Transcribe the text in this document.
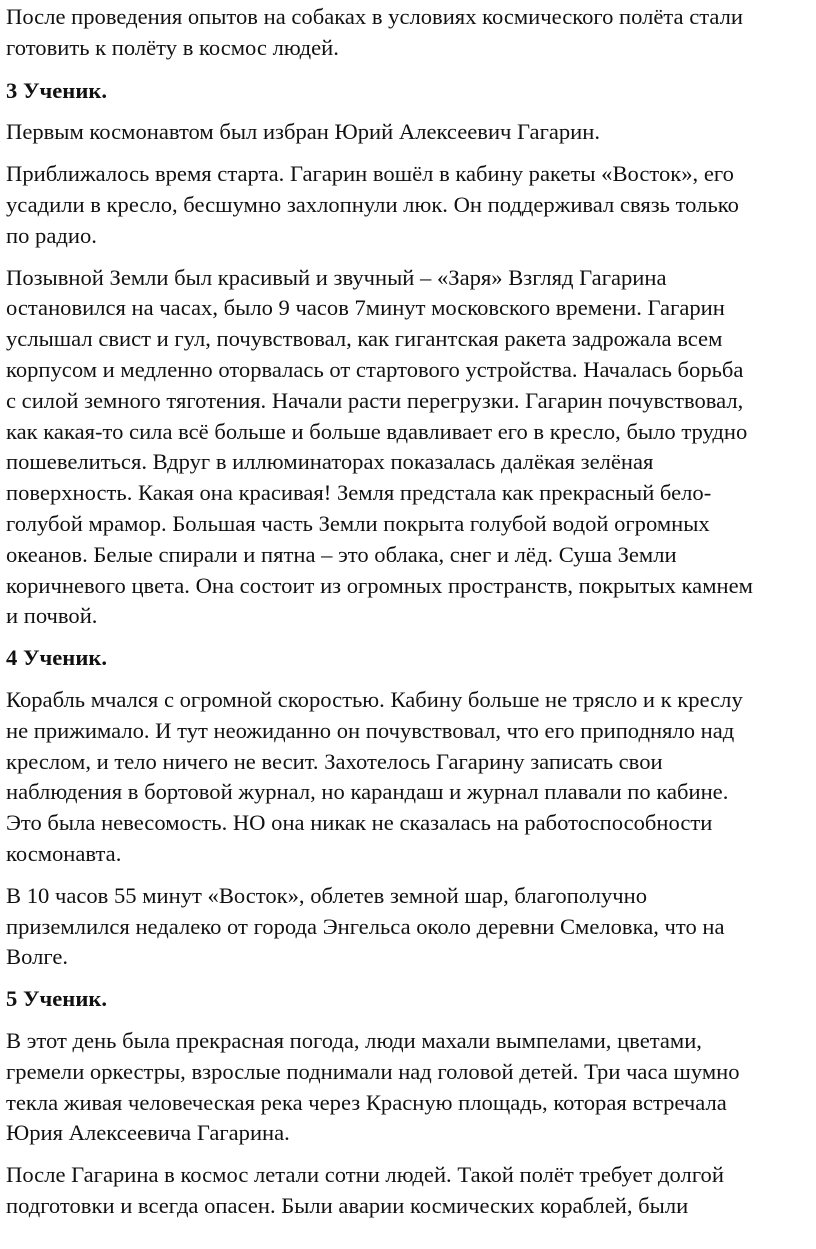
После проведения опытов на собаках в условиях космического полёта стали
готовить к полёту в космос людей.

3 Ученик.

Первым космонавтом был избран Юрий Алексеевич Гагарин.

Приближалось время старта. Гагарин вошёл в кабину ракеты «Восток», его
усадили в кресло, бесшумно захлопнули люк. Он поддерживал связь только
по радио.

Позывной Земли был красивый и звучный – «Заря» Взгляд Гагарина
остановился на часах, было 9 часов 7минут московского времени. Гагарин
услышал свист и гул, почувствовал, как гигантская ракета задрожала всем
корпусом и медленно оторвалась от стартового устройства. Началась борьба
с силой земного тяготения. Начали расти перегрузки. Гагарин почувствовал,
как какая-то сила всё больше и больше вдавливает его в кресло, было трудно
пошевелиться. Вдруг в иллюминаторах показалась далёкая зелёная
поверхность. Какая она красивая! Земля предстала как прекрасный бело-
голубой мрамор. Большая часть Земли покрыта голубой водой огромных
океанов. Белые спирали и пятна – это облака, снег и лёд. Суша Земли
коричневого цвета. Она состоит из огромных пространств, покрытых камнем
и почвой.

4 Ученик.

Корабль мчался с огромной скоростью. Кабину больше не трясло и к креслу
не прижимало. И тут неожиданно он почувствовал, что его приподняло над
креслом, и тело ничего не весит. Захотелось Гагарину записать свои
наблюдения в бортовой журнал, но карандаш и журнал плавали по кабине.
Это была невесомость. НО она никак не сказалась на работоспособности
космонавта.

В 10 часов 55 минут «Восток», облетев земной шар, благополучно
приземлился недалеко от города Энгельса около деревни Смеловка, что на
Волге.

5 Ученик.

В этот день была прекрасная погода, люди махали вымпелами, цветами,
гремели оркестры, взрослые поднимали над головой детей. Три часа шумно
текла живая человеческая река через Красную площадь, которая встречала
Юрия Алексеевича Гагарина.

После Гагарина в космос летали сотни людей. Такой полёт требует долгой
подготовки и всегда опасен. Были аварии космических кораблей, были
